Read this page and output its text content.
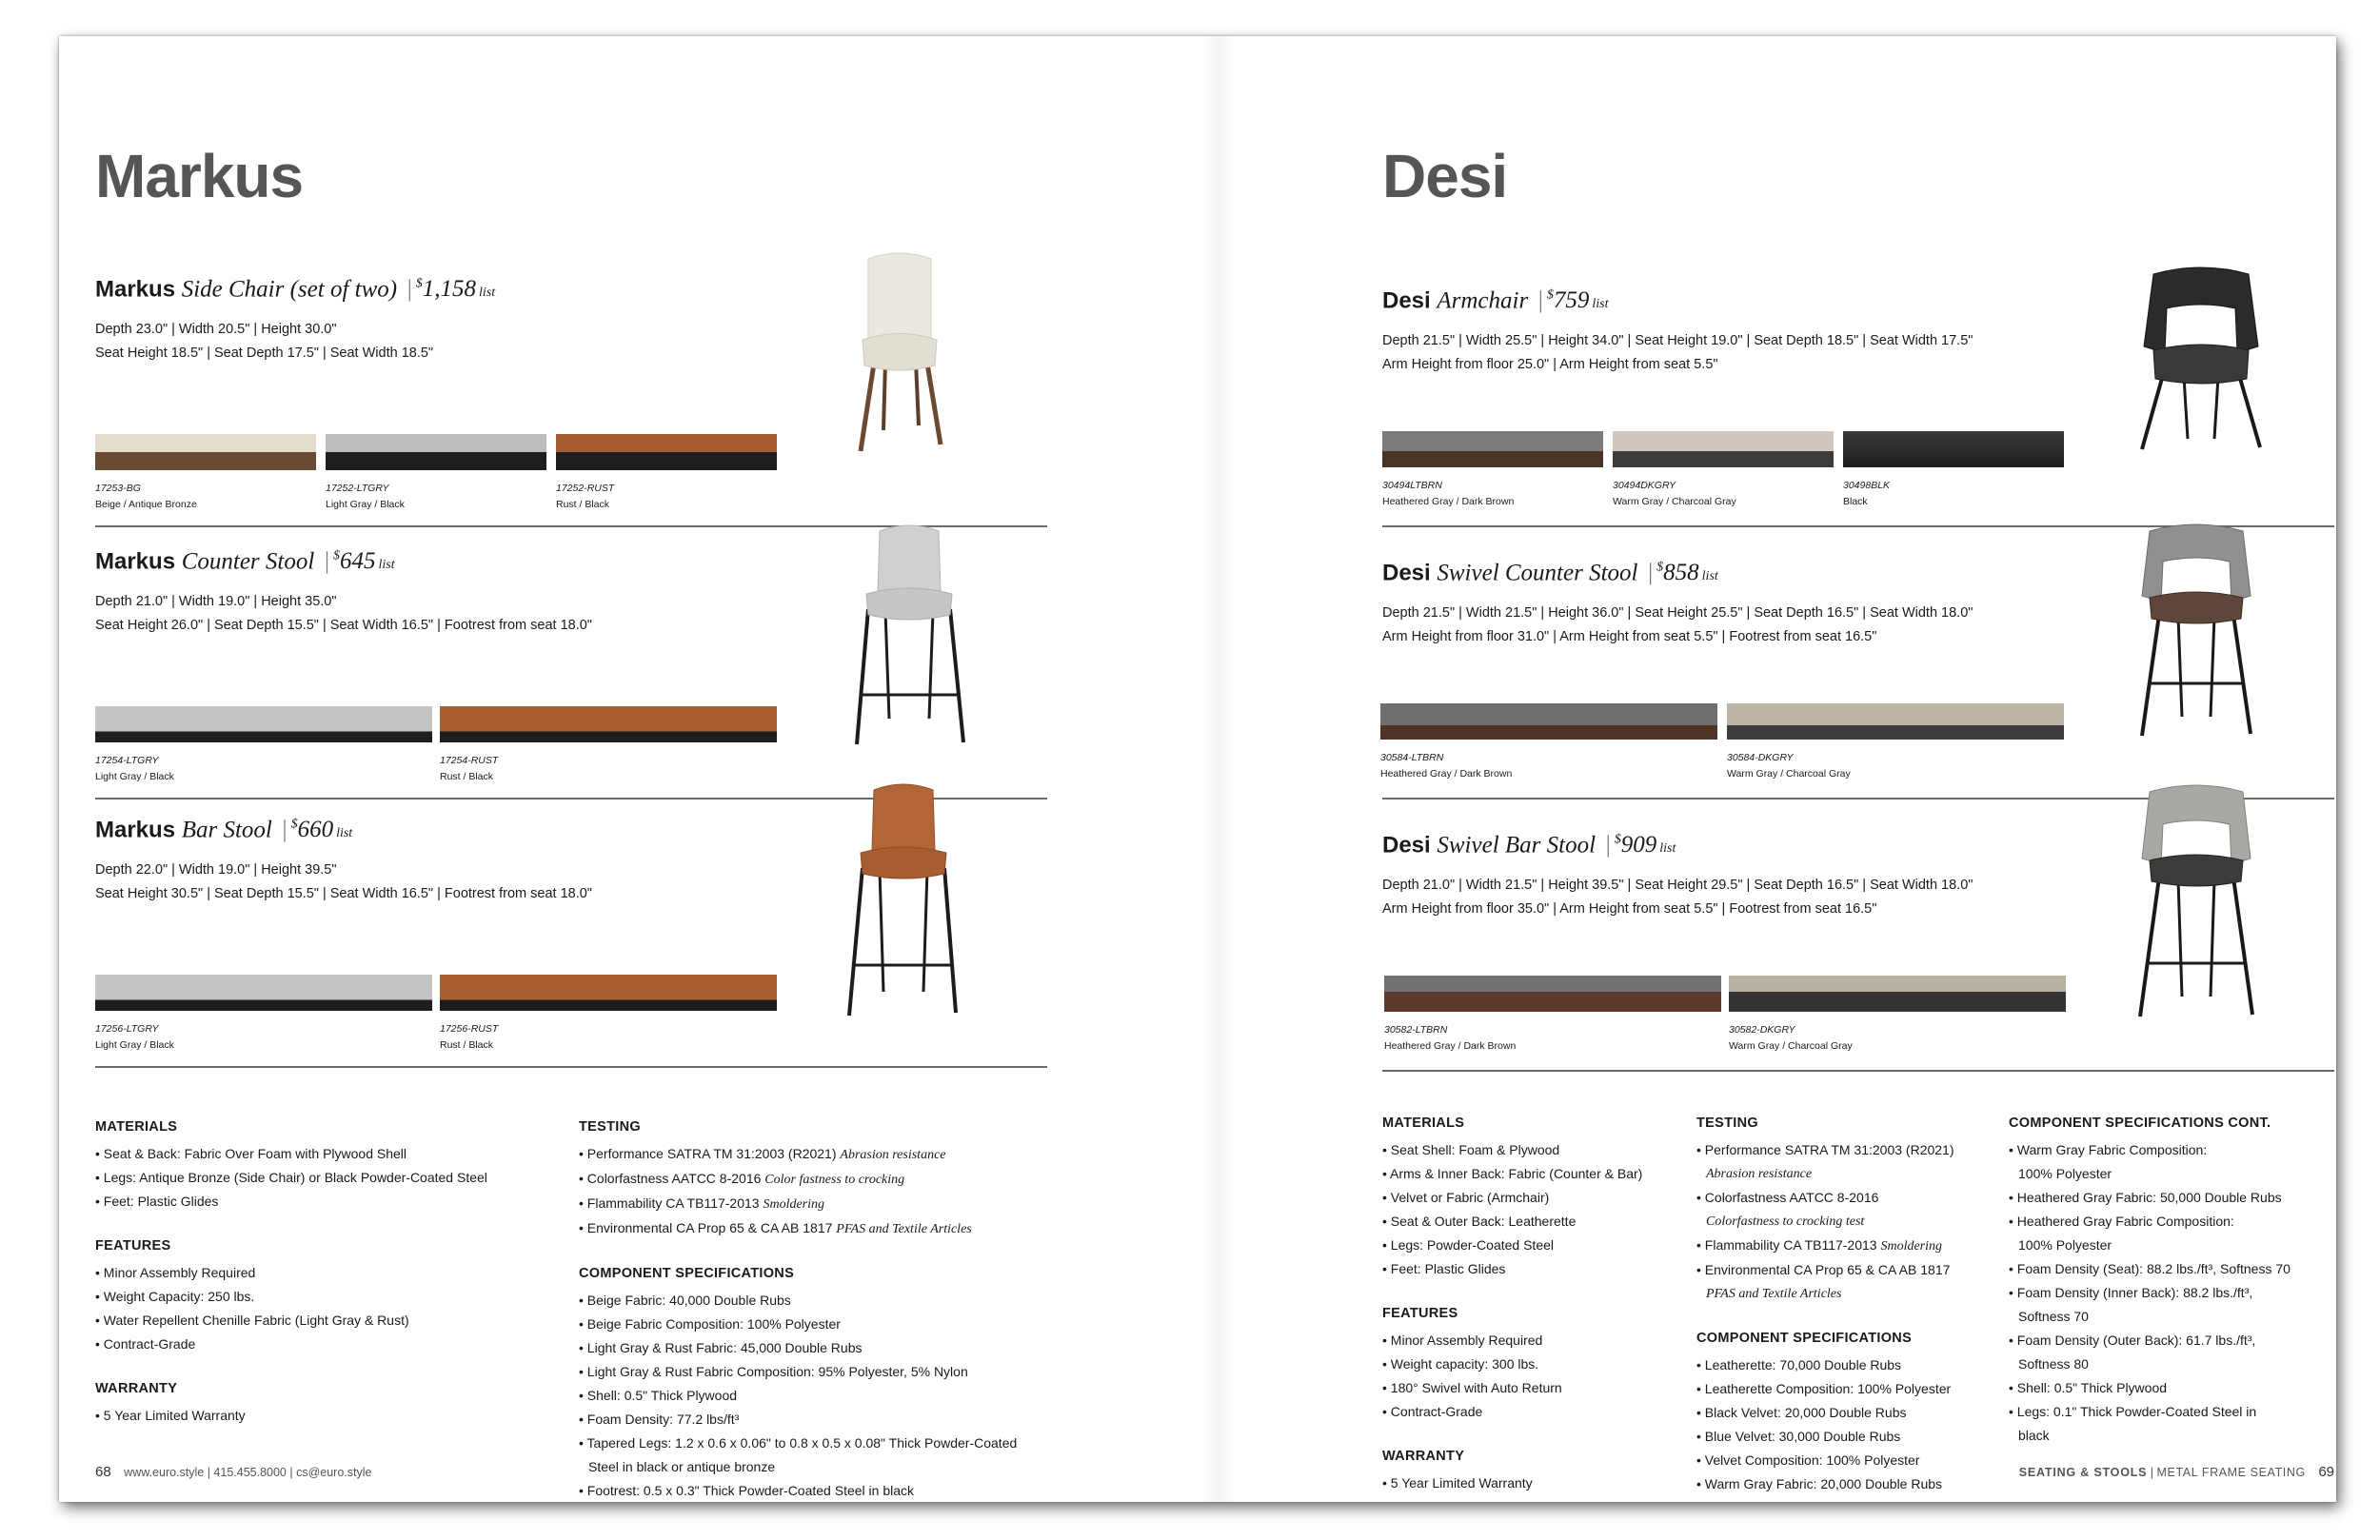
Markus
Markus Side Chair (set of two) | $1,158 list
Depth 23.0" | Width 20.5" | Height 30.0"
Seat Height 18.5" | Seat Depth 17.5" | Seat Width 18.5"
17253-BG
Beige / Antique Bronze
17252-LTGRY
Light Gray / Black
17252-RUST
Rust / Black
Markus Counter Stool | $645 list
Depth 21.0" | Width 19.0" | Height 35.0"
Seat Height 26.0" | Seat Depth 15.5" | Seat Width 16.5" | Footrest from seat 18.0"
17254-LTGRY
Light Gray / Black
17254-RUST
Rust / Black
Markus Bar Stool | $660 list
Depth 22.0" | Width 19.0" | Height 39.5"
Seat Height 30.5" | Seat Depth 15.5" | Seat Width 16.5" | Footrest from seat 18.0"
17256-LTGRY
Light Gray / Black
17256-RUST
Rust / Black
MATERIALS
• Seat & Back: Fabric Over Foam with Plywood Shell
• Legs: Antique Bronze (Side Chair) or Black Powder-Coated Steel
• Feet: Plastic Glides
FEATURES
• Minor Assembly Required
• Weight Capacity: 250 lbs.
• Water Repellent Chenille Fabric (Light Gray & Rust)
• Contract-Grade
WARRANTY
• 5 Year Limited Warranty
TESTING
• Performance SATRA TM 31:2003 (R2021) Abrasion resistance
• Colorfastness AATCC 8-2016 Color fastness to crocking
• Flammability CA TB117-2013 Smoldering
• Environmental CA Prop 65 & CA AB 1817 PFAS and Textile Articles
COMPONENT SPECIFICATIONS
• Beige Fabric: 40,000 Double Rubs
• Beige Fabric Composition: 100% Polyester
• Light Gray & Rust Fabric: 45,000 Double Rubs
• Light Gray & Rust Fabric Composition: 95% Polyester, 5% Nylon
• Shell: 0.5" Thick Plywood
• Foam Density: 77.2 lbs/ft³
• Tapered Legs: 1.2 x 0.6 x 0.06" to 0.8 x 0.5 x 0.08" Thick Powder-Coated
Steel in black or antique bronze
• Footrest: 0.5 x 0.3" Thick Powder-Coated Steel in black
68 www.euro.style | 415.455.8000 | cs@euro.style
Desi
Desi Armchair | $759 list
Depth 21.5" | Width 25.5" | Height 34.0" | Seat Height 19.0" | Seat Depth 18.5" | Seat Width 17.5"
Arm Height from floor 25.0" | Arm Height from seat 5.5"
30494LTBRN
Heathered Gray / Dark Brown
30494DKGRY
Warm Gray / Charcoal Gray
30498BLK
Black
Desi Swivel Counter Stool | $858 list
Depth 21.5" | Width 21.5" | Height 36.0" | Seat Height 25.5" | Seat Depth 16.5" | Seat Width 18.0"
Arm Height from floor 31.0" | Arm Height from seat 5.5" | Footrest from seat 16.5"
30584-LTBRN
Heathered Gray / Dark Brown
30584-DKGRY
Warm Gray / Charcoal Gray
Desi Swivel Bar Stool | $909 list
Depth 21.0" | Width 21.5" | Height 39.5" | Seat Height 29.5" | Seat Depth 16.5" | Seat Width 18.0"
Arm Height from floor 35.0" | Arm Height from seat 5.5" | Footrest from seat 16.5"
30582-LTBRN
Heathered Gray / Dark Brown
30582-DKGRY
Warm Gray / Charcoal Gray
MATERIALS
• Seat Shell: Foam & Plywood
• Arms & Inner Back: Fabric (Counter & Bar)
• Velvet or Fabric (Armchair)
• Seat & Outer Back: Leatherette
• Legs: Powder-Coated Steel
• Feet: Plastic Glides
FEATURES
• Minor Assembly Required
• Weight capacity: 300 lbs.
• 180° Swivel with Auto Return
• Contract-Grade
WARRANTY
• 5 Year Limited Warranty
TESTING
• Performance SATRA TM 31:2003 (R2021)
Abrasion resistance
• Colorfastness AATCC 8-2016
Colorfastness to crocking test
• Flammability CA TB117-2013 Smoldering
• Environmental CA Prop 65 & CA AB 1817
PFAS and Textile Articles
COMPONENT SPECIFICATIONS
• Leatherette: 70,000 Double Rubs
• Leatherette Composition: 100% Polyester
• Black Velvet: 20,000 Double Rubs
• Blue Velvet: 30,000 Double Rubs
• Velvet Composition: 100% Polyester
• Warm Gray Fabric: 20,000 Double Rubs
COMPONENT SPECIFICATIONS CONT.
• Warm Gray Fabric Composition:
100% Polyester
• Heathered Gray Fabric: 50,000 Double Rubs
• Heathered Gray Fabric Composition:
100% Polyester
• Foam Density (Seat): 88.2 lbs./ft³, Softness 70
• Foam Density (Inner Back): 88.2 lbs./ft³,
Softness 70
• Foam Density (Outer Back): 61.7 lbs./ft³,
Softness 80
• Shell: 0.5" Thick Plywood
• Legs: 0.1" Thick Powder-Coated Steel in
black
SEATING & STOOLS | METAL FRAME SEATING 69
